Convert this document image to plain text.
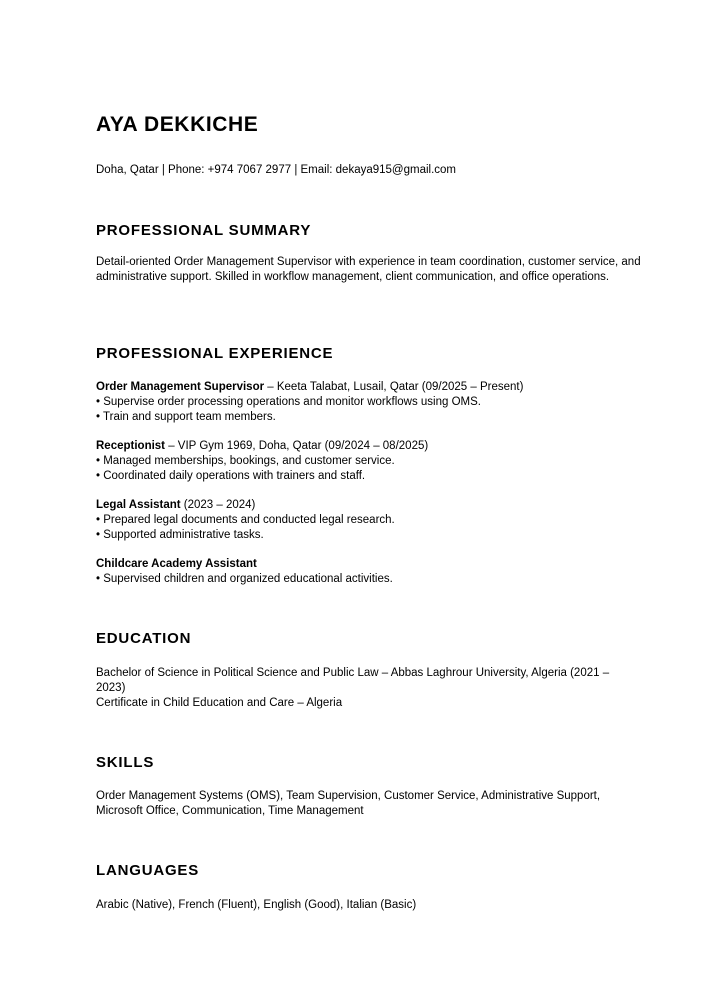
AYA DEKKICHE
Doha, Qatar | Phone: +974 7067 2977 | Email: dekaya915@gmail.com
PROFESSIONAL SUMMARY
Detail-oriented Order Management Supervisor with experience in team coordination, customer service, and administrative support. Skilled in workflow management, client communication, and office operations.
PROFESSIONAL EXPERIENCE
Order Management Supervisor – Keeta Talabat, Lusail, Qatar (09/2025 – Present)
• Supervise order processing operations and monitor workflows using OMS.
• Train and support team members.
Receptionist – VIP Gym 1969, Doha, Qatar (09/2024 – 08/2025)
• Managed memberships, bookings, and customer service.
• Coordinated daily operations with trainers and staff.
Legal Assistant (2023 – 2024)
• Prepared legal documents and conducted legal research.
• Supported administrative tasks.
Childcare Academy Assistant
• Supervised children and organized educational activities.
EDUCATION
Bachelor of Science in Political Science and Public Law – Abbas Laghrour University, Algeria (2021 – 2023)
Certificate in Child Education and Care – Algeria
SKILLS
Order Management Systems (OMS), Team Supervision, Customer Service, Administrative Support, Microsoft Office, Communication, Time Management
LANGUAGES
Arabic (Native), French (Fluent), English (Good), Italian (Basic)
